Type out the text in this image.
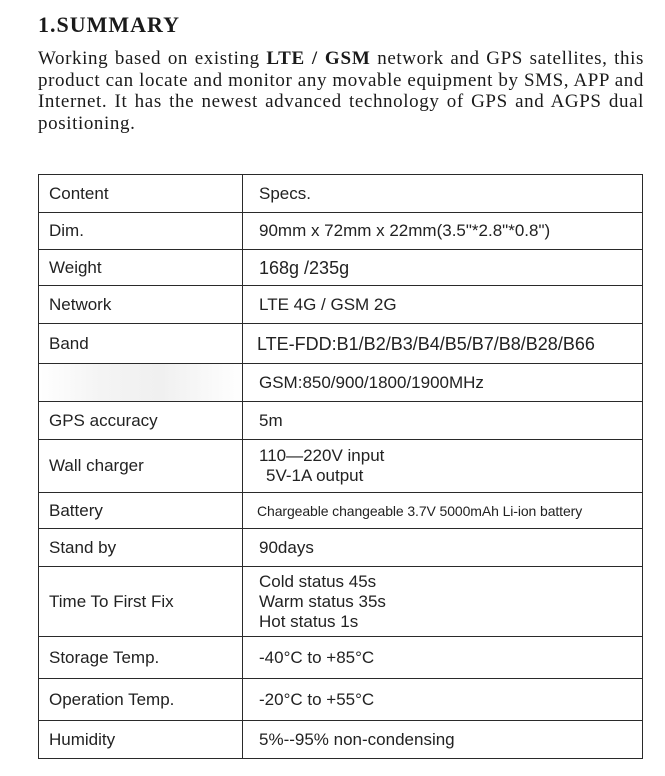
1.SUMMARY

Working based on existing LTE / GSM network and GPS satellites, this product can locate and monitor any movable equipment by SMS, APP and Internet. It has the newest advanced technology of GPS and AGPS dual positioning.

Content	Specs.
Dim.	90mm x 72mm x 22mm(3.5"*2.8"*0.8")
Weight	168g /235g
Network	LTE 4G / GSM 2G
Band	LTE-FDD:B1/B2/B3/B4/B5/B7/B8/B28/B66
	GSM:850/900/1800/1900MHz
GPS accuracy	5m
Wall charger	110—220V input
5V-1A output

Battery	Chargeable changeable 3.7V 5000mAh Li-ion battery
Stand by	90days
Time To First Fix	Cold status 45s
Warm status 35s
Hot status 1s

Storage Temp.	-40°C to +85°C
Operation Temp.	-20°C to +55°C
Humidity	5%--95% non-condensing
